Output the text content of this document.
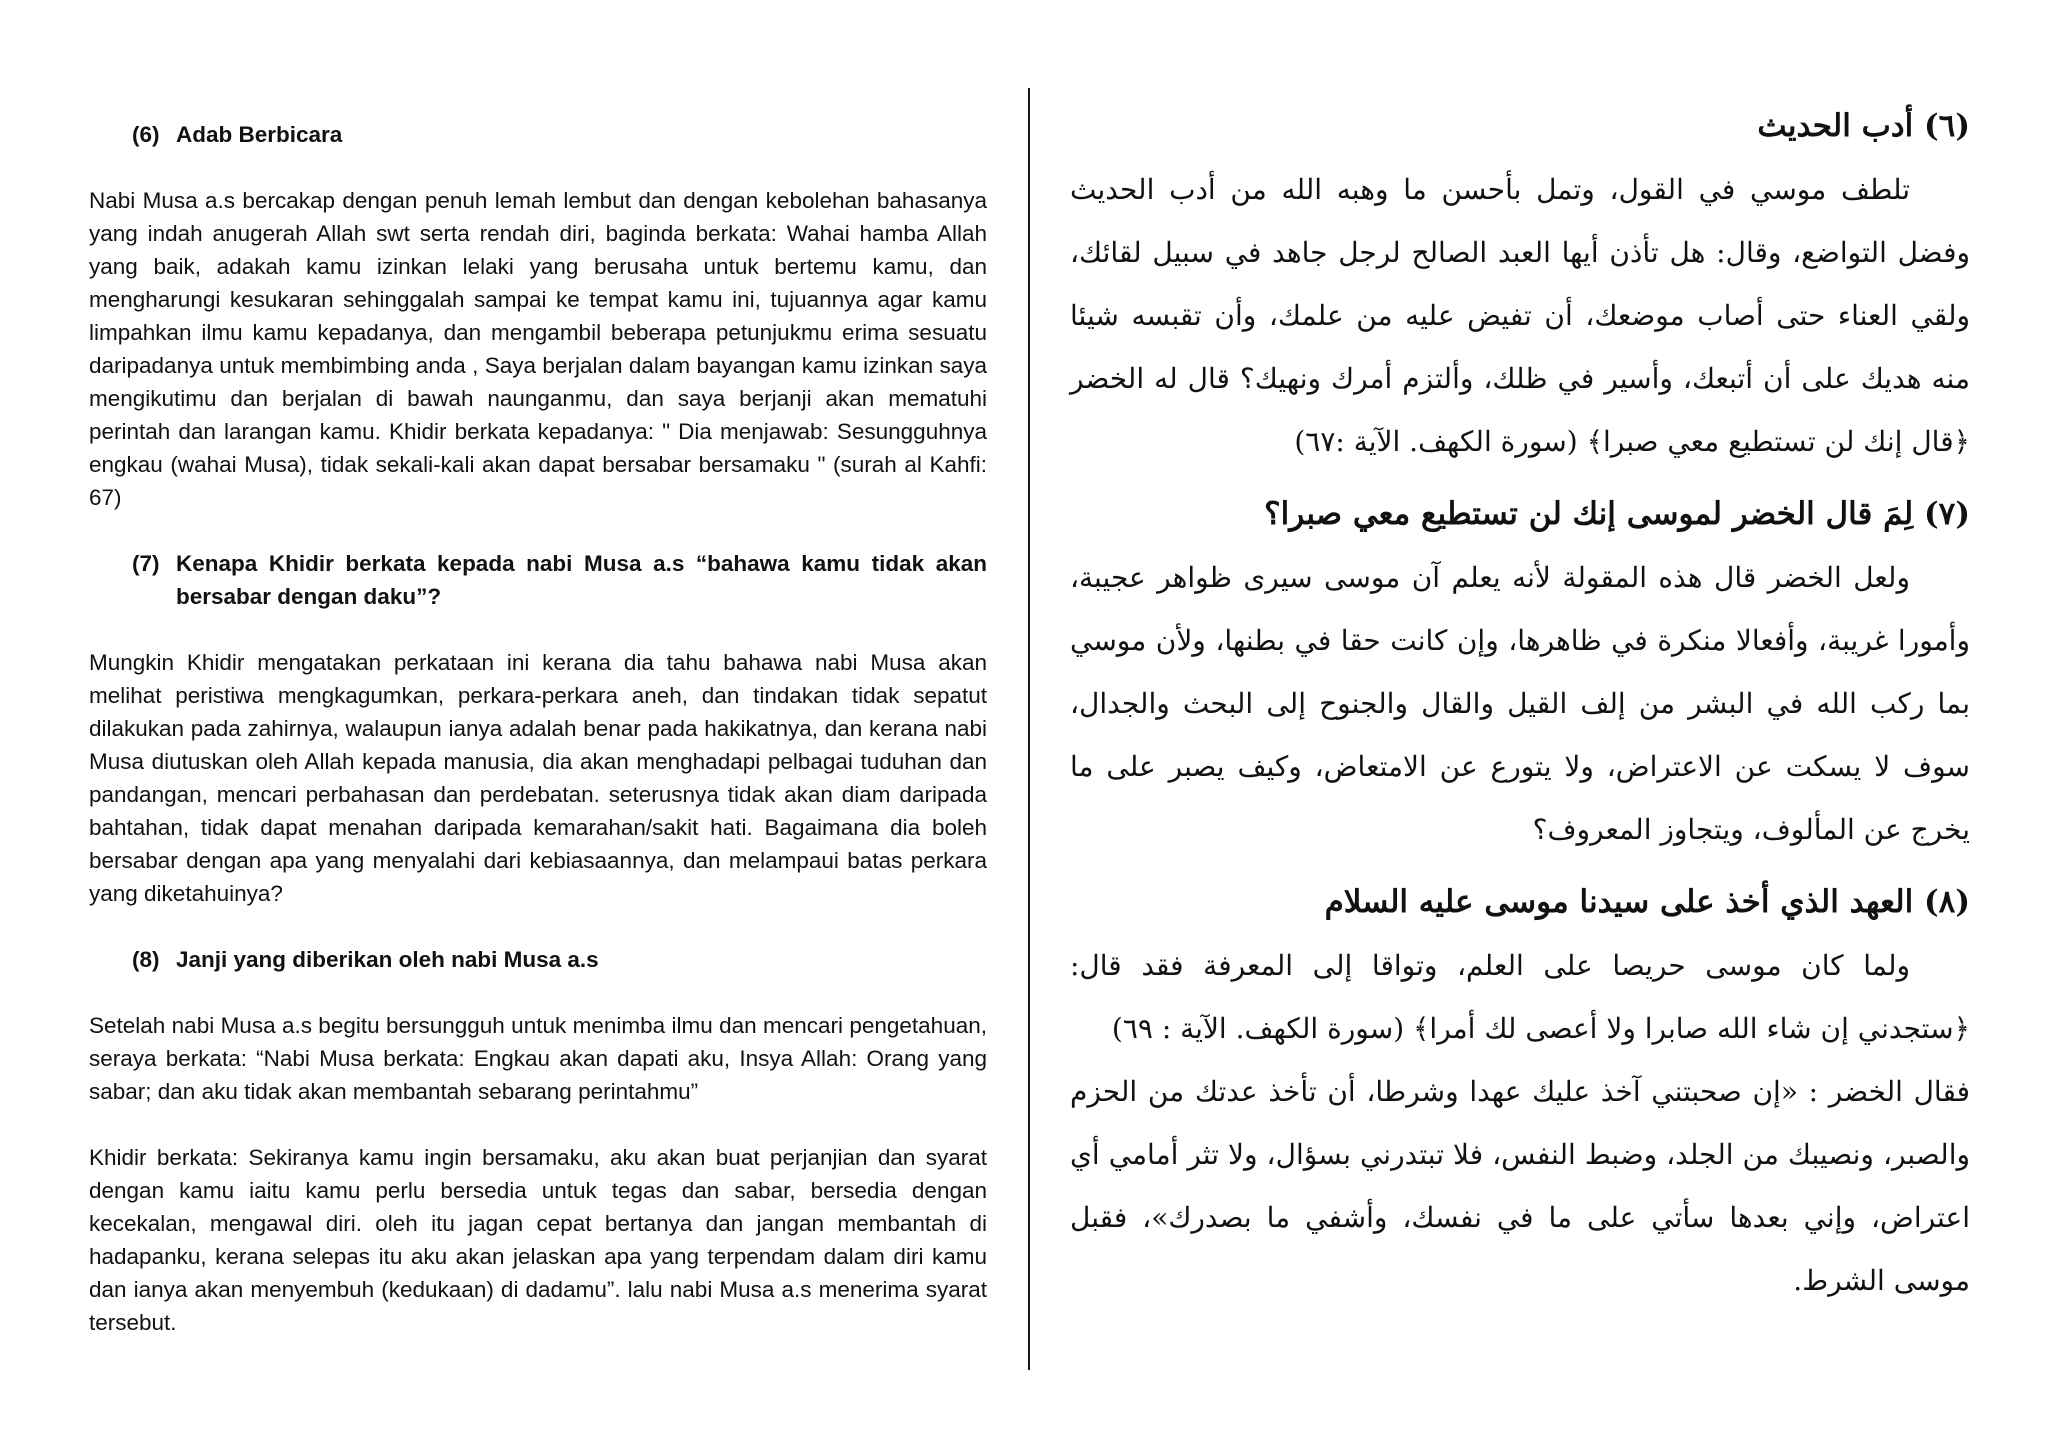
(6) Adab Berbicara

Nabi Musa a.s bercakap dengan penuh lemah lembut dan dengan kebolehan bahasanya yang indah anugerah Allah swt serta rendah diri, baginda berkata: Wahai hamba Allah yang baik, adakah kamu izinkan lelaki yang berusaha untuk bertemu kamu, dan mengharungi kesukaran sehinggalah sampai ke tempat kamu ini, tujuannya agar kamu limpahkan ilmu kamu kepadanya, dan mengambil beberapa petunjukmu erima sesuatu daripadanya untuk membimbing anda , Saya berjalan dalam bayangan kamu izinkan saya mengikutimu dan berjalan di bawah naunganmu, dan saya berjanji akan mematuhi perintah dan larangan kamu. Khidir berkata kepadanya: " Dia menjawab: Sesungguhnya engkau (wahai Musa), tidak sekali-kali akan dapat bersabar bersamaku " (surah al Kahfi: 67)

(7) Kenapa Khidir berkata kepada nabi Musa a.s “bahawa kamu tidak akan bersabar dengan daku”?

Mungkin Khidir mengatakan perkataan ini kerana dia tahu bahawa nabi Musa akan melihat peristiwa mengkagumkan, perkara-perkara aneh, dan tindakan tidak sepatut dilakukan pada zahirnya, walaupun ianya adalah benar pada hakikatnya, dan kerana nabi Musa diutuskan oleh Allah kepada manusia, dia akan menghadapi pelbagai tuduhan dan pandangan, mencari perbahasan dan perdebatan. seterusnya tidak akan diam daripada bahtahan, tidak dapat menahan daripada kemarahan/sakit hati. Bagaimana dia boleh bersabar dengan apa yang menyalahi dari kebiasaannya, dan melampaui batas perkara yang diketahuinya?

(8) Janji yang diberikan oleh nabi Musa a.s

Setelah nabi Musa a.s begitu bersungguh untuk menimba ilmu dan mencari pengetahuan, seraya berkata: “Nabi Musa berkata: Engkau akan dapati aku, Insya Allah: Orang yang sabar; dan aku tidak akan membantah sebarang perintahmu”

Khidir berkata: Sekiranya kamu ingin bersamaku, aku akan buat perjanjian dan syarat dengan kamu iaitu kamu perlu bersedia untuk tegas dan sabar, bersedia dengan kecekalan, mengawal diri. oleh itu jagan cepat bertanya dan jangan membantah di hadapanku, kerana selepas itu aku akan jelaskan apa yang terpendam dalam diri kamu dan ianya akan menyembuh (kedukaan) di dadamu”. lalu nabi Musa a.s menerima syarat tersebut.

(٦) أدب الحديث

تلطف موسي في القول، وتمل بأحسن ما وهبه الله من أدب الحديث وفضل التواضع، وقال: هل تأذن أيها العبد الصالح لرجل جاهد في سبيل لقائك، ولقي العناء حتى أصاب موضعك، أن تفيض عليه من علمك، وأن تقبسه شيئا منه هديك على أن أتبعك، وأسير في ظلك، وألتزم أمرك ونهيك؟ قال له الخضر ﴿قال إنك لن تستطيع معي صبرا﴾ (سورة الكهف. الآية :٦٧)

(٧) لِمَ قال الخضر لموسى إنك لن تستطيع معي صبرا؟

ولعل الخضر قال هذه المقولة لأنه يعلم آن موسى سيرى ظواهر عجيبة، وأمورا غريبة، وأفعالا منكرة في ظاهرها، وإن كانت حقا في بطنها، ولأن موسي بما ركب الله في البشر من إلف القيل والقال والجنوح إلى البحث والجدال، سوف لا يسكت عن الاعتراض، ولا يتورع عن الامتعاض، وكيف يصبر على ما يخرج عن المألوف، ويتجاوز المعروف؟

(٨) العهد الذي أخذ على سيدنا موسى عليه السلام

ولما كان موسى حريصا على العلم، وتواقا إلى المعرفة فقد قال: ﴿ستجدني إن شاء الله صابرا ولا أعصى لك أمرا﴾ (سورة الكهف. الآية : ٦٩)

فقال الخضر : «إن صحبتني آخذ عليك عهدا وشرطا، أن تأخذ عدتك من الحزم والصبر، ونصيبك من الجلد، وضبط النفس، فلا تبتدرني بسؤال، ولا تثر أمامي أي اعتراض، وإني بعدها سأتي على ما في نفسك، وأشفي ما بصدرك»، فقبل موسى الشرط.
